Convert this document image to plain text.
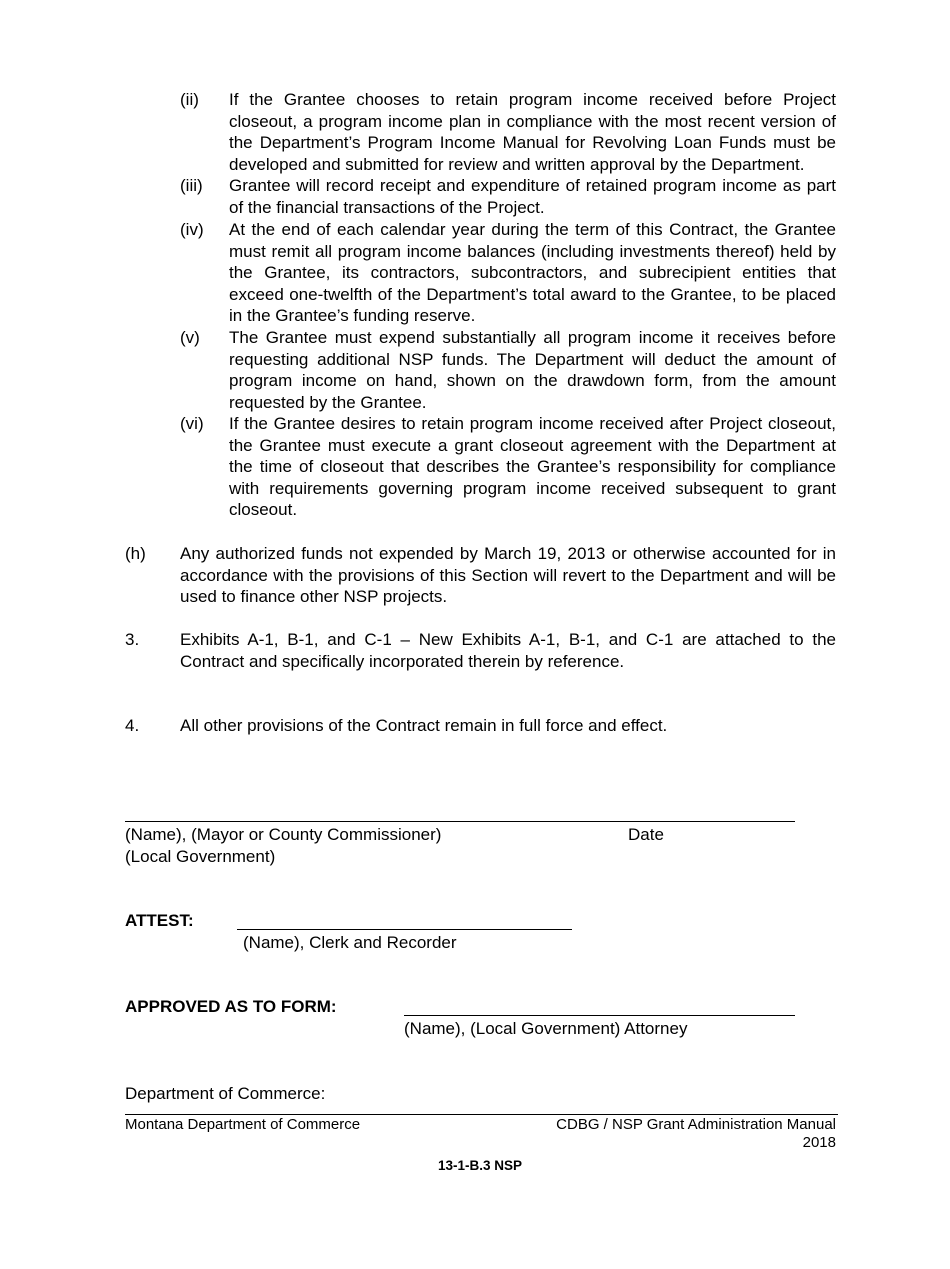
(ii) If the Grantee chooses to retain program income received before Project closeout, a program income plan in compliance with the most recent version of the Department’s Program Income Manual for Revolving Loan Funds must be developed and submitted for review and written approval by the Department.
(iii) Grantee will record receipt and expenditure of retained program income as part of the financial transactions of the Project.
(iv) At the end of each calendar year during the term of this Contract, the Grantee must remit all program income balances (including investments thereof) held by the Grantee, its contractors, subcontractors, and subrecipient entities that exceed one-twelfth of the Department’s total award to the Grantee, to be placed in the Grantee’s funding reserve.
(v) The Grantee must expend substantially all program income it receives before requesting additional NSP funds. The Department will deduct the amount of program income on hand, shown on the drawdown form, from the amount requested by the Grantee.
(vi) If the Grantee desires to retain program income received after Project closeout, the Grantee must execute a grant closeout agreement with the Department at the time of closeout that describes the Grantee’s responsibility for compliance with requirements governing program income received subsequent to grant closeout.
(h) Any authorized funds not expended by March 19, 2013 or otherwise accounted for in accordance with the provisions of this Section will revert to the Department and will be used to finance other NSP projects.
3. Exhibits A-1, B-1, and C-1 – New Exhibits A-1, B-1, and C-1 are attached to the Contract and specifically incorporated therein by reference.
4. All other provisions of the Contract remain in full force and effect.
(Name), (Mayor or County Commissioner)	Date
(Local Government)
ATTEST:
(Name), Clerk and Recorder
APPROVED AS TO FORM:
(Name), (Local Government) Attorney
Department of Commerce:
Montana Department of Commerce	CDBG / NSP Grant Administration Manual
2018
13-1-B.3 NSP
